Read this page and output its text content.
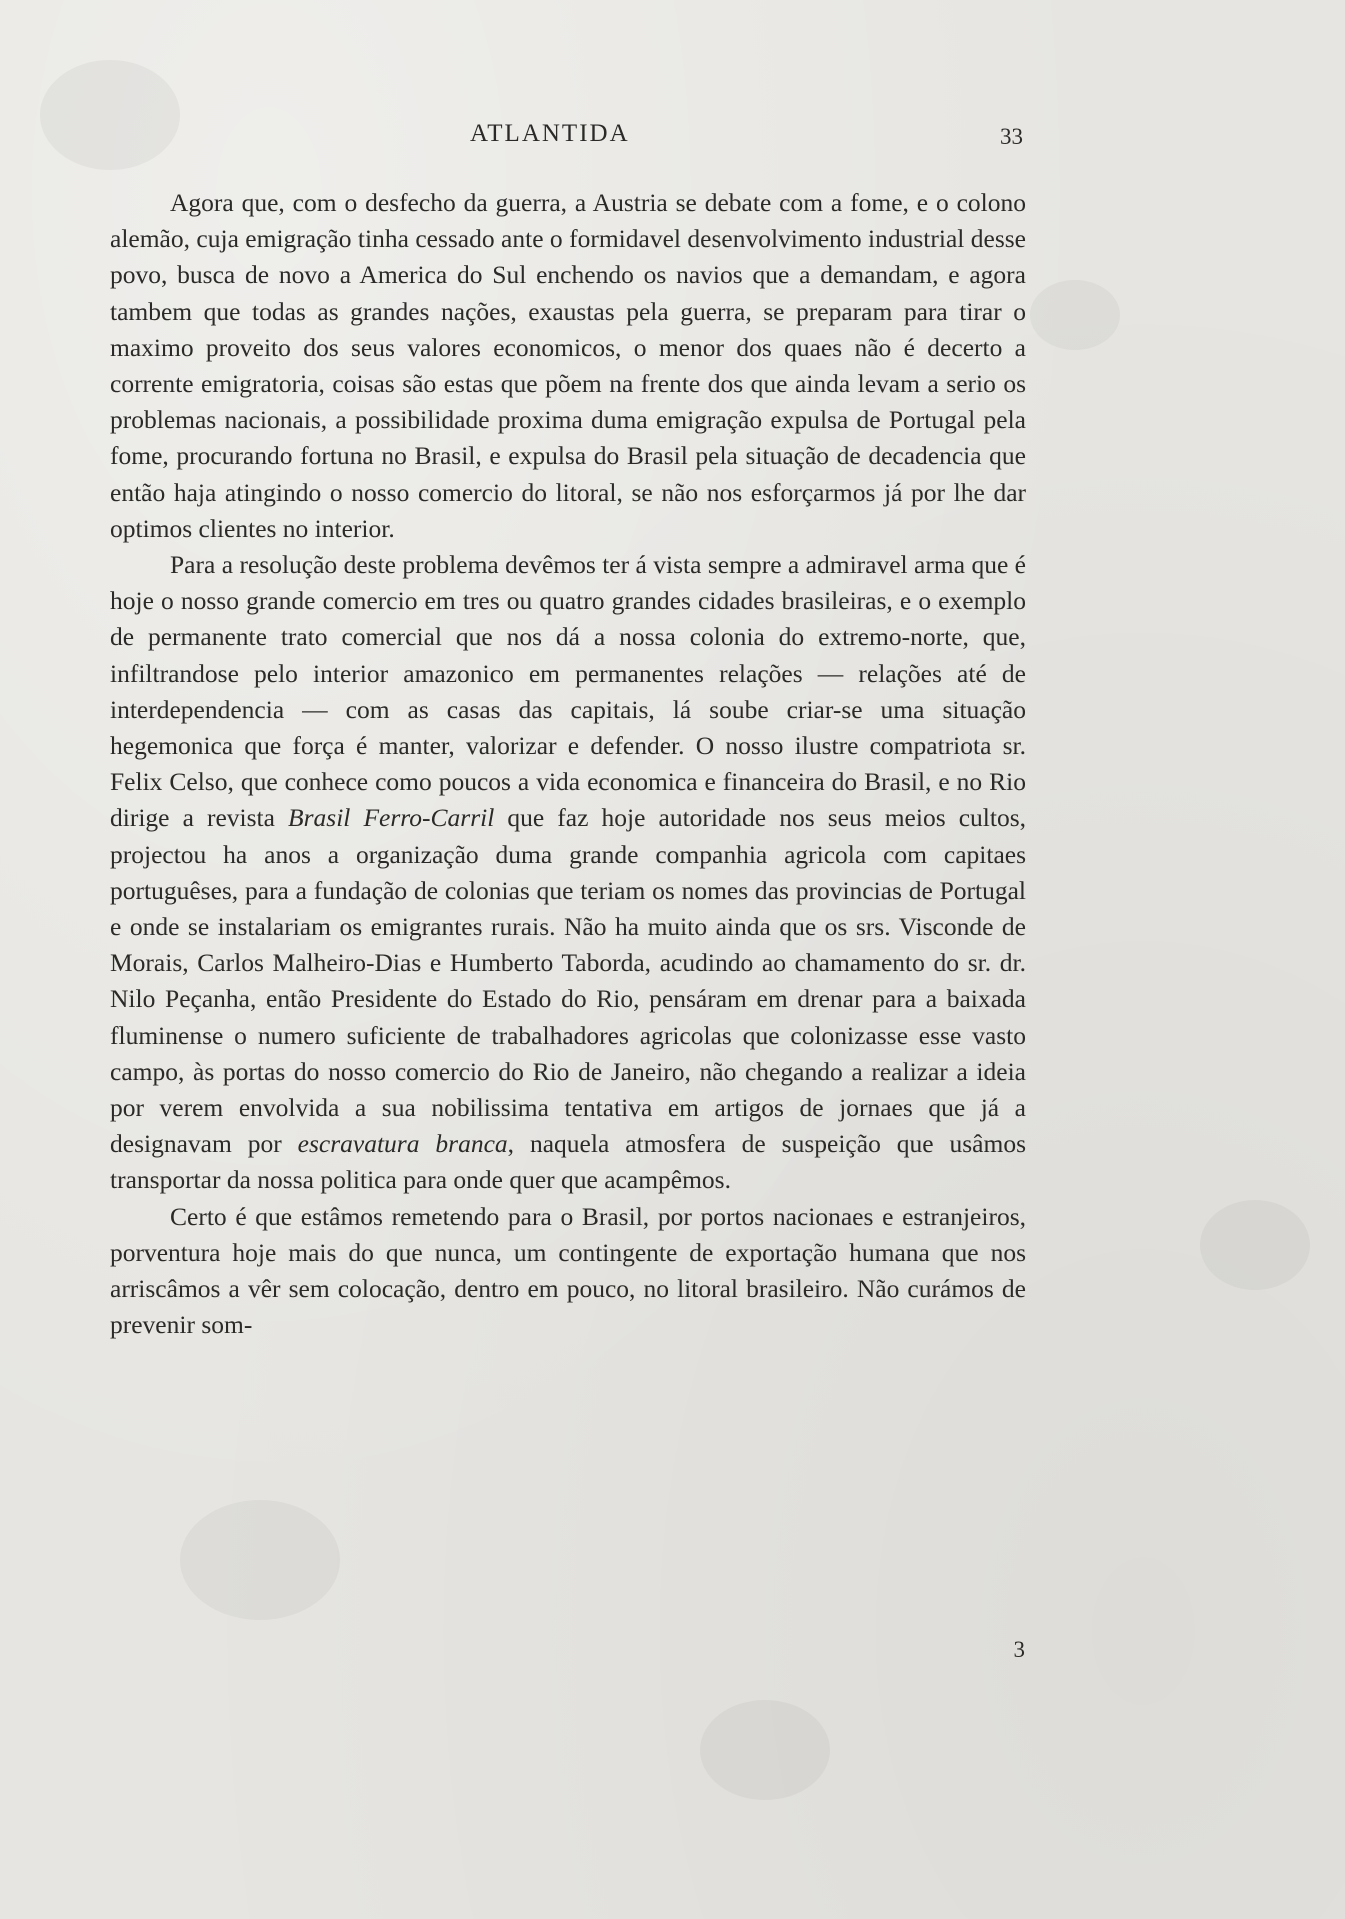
ATLANTIDA	33

Agora que, com o desfecho da guerra, a Austria se debate com a fome, e o colono alemão, cuja emigração tinha cessado ante o formidavel desenvolvimento industrial desse povo, busca de novo a America do Sul enchendo os navios que a demandam, e agora tambem que todas as grandes nações, exaustas pela guerra, se preparam para tirar o maximo proveito dos seus valores economicos, o menor dos quaes não é decerto a corrente emigratoria, coisas são estas que põem na frente dos que ainda levam a serio os problemas nacionais, a possibilidade proxima duma emigração expulsa de Portugal pela fome, procurando fortuna no Brasil, e expulsa do Brasil pela situação de decadencia que então haja atingindo o nosso comercio do litoral, se não nos esforçarmos já por lhe dar optimos clientes no interior.

Para a resolução deste problema devêmos ter á vista sempre a admiravel arma que é hoje o nosso grande comercio em tres ou quatro grandes cidades brasileiras, e o exemplo de permanente trato comercial que nos dá a nossa colonia do extremo-norte, que, infiltrandose pelo interior amazonico em permanentes relações — relações até de interdependencia — com as casas das capitais, lá soube criar-se uma situação hegemonica que força é manter, valorizar e defender. O nosso ilustre compatriota sr. Felix Celso, que conhece como poucos a vida economica e financeira do Brasil, e no Rio dirige a revista Brasil Ferro-Carril que faz hoje autoridade nos seus meios cultos, projectou ha anos a organização duma grande companhia agricola com capitaes portuguêses, para a fundação de colonias que teriam os nomes das provincias de Portugal e onde se instalariam os emigrantes rurais. Não ha muito ainda que os srs. Visconde de Morais, Carlos Malheiro-Dias e Humberto Taborda, acudindo ao chamamento do sr. dr. Nilo Peçanha, então Presidente do Estado do Rio, pensáram em drenar para a baixada fluminense o numero suficiente de trabalhadores agricolas que colonizasse esse vasto campo, às portas do nosso comercio do Rio de Janeiro, não chegando a realizar a ideia por verem envolvida a sua nobilissima tentativa em artigos de jornaes que já a designavam por escravatura branca, naquela atmosfera de suspeição que usâmos transportar da nossa politica para onde quer que acampêmos.

Certo é que estâmos remetendo para o Brasil, por portos nacionaes e estranjeiros, porventura hoje mais do que nunca, um contingente de exportação humana que nos arriscâmos a vêr sem colocação, dentro em pouco, no litoral brasileiro. Não curámos de prevenir som-

3
